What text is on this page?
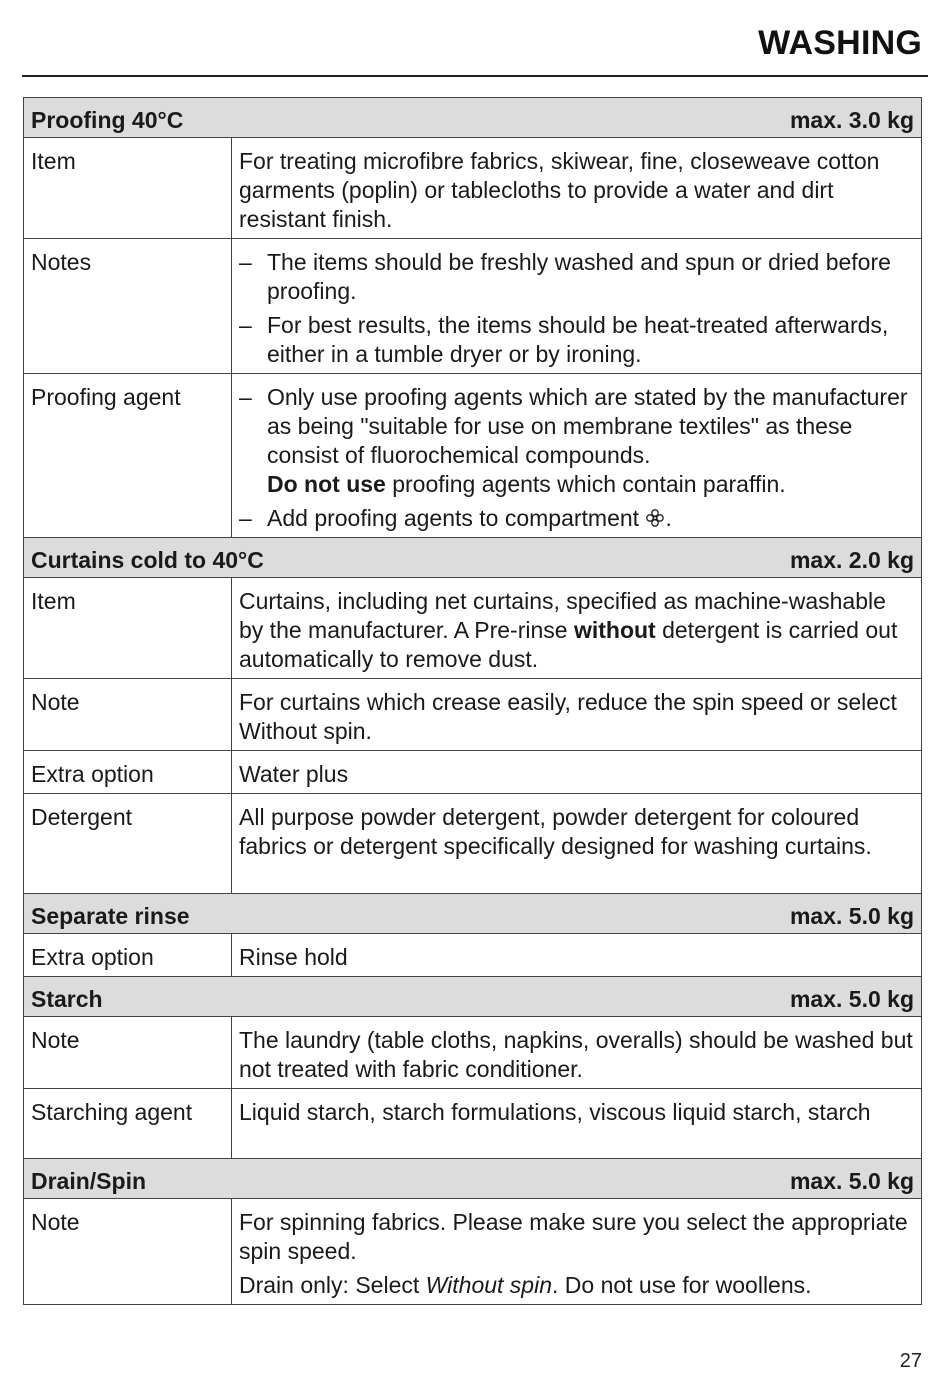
WASHING
Proofing 40°C max. 3.0 kg	

Item	For treating microfibre fabrics, skiwear, fine, closeweave cotton garments (poplin) or tablecloths to provide a water and dirt resistant finish.
Notes	– The items should be freshly washed and spun or dried before proofing.
– For best results, the items should be heat-treated afterwards, either in a tumble dryer or by ironing.

Proofing agent	– Only use proofing agents which are stated by the manufacturer as being "suitable for use on membrane textiles" as these consist of fluorochemical compounds.
Do not use proofing agents which contain paraffin.
– Add proofing agents to compartment .

Curtains cold to 40°C max. 2.0 kg	

Item	Curtains, including net curtains, specified as machine-washable by the manufacturer. A Pre-rinse without detergent is carried out automatically to remove dust.
Note	For curtains which crease easily, reduce the spin speed or select Without spin.
Extra option	Water plus
Detergent	All purpose powder detergent, powder detergent for coloured fabrics or detergent specifically designed for washing curtains.

Separate rinse max. 5.0 kg	

Extra option	Rinse hold

Starch max. 5.0 kg	

Note	The laundry (table cloths, napkins, overalls) should be washed but not treated with fabric conditioner.
Starching agent	Liquid starch, starch formulations, viscous liquid starch, starch

Drain/Spin max. 5.0 kg	

Note	For spinning fabrics. Please make sure you select the appropriate spin speed.
Drain only: Select Without spin. Do not use for woollens.
27
